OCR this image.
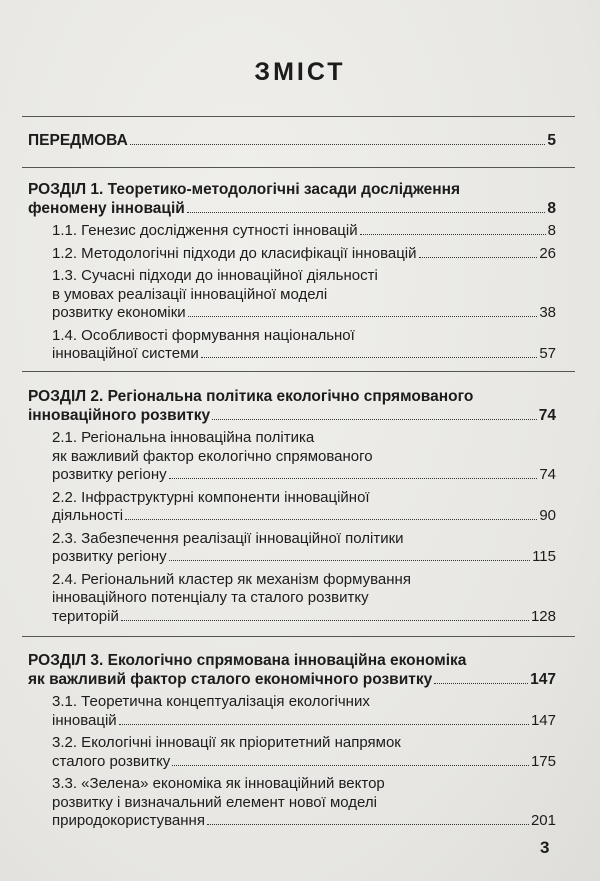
ЗМІСТ
ПЕРЕДМОВА	5
РОЗДІЛ 1. Теоретико-методологічні засади дослідження
феномену інновацій	8
1.1. Генезис дослідження сутності інновацій	8
1.2. Методологічні підходи до класифікації інновацій	26
1.3. Сучасні підходи до інноваційної діяльності
в умовах реалізації інноваційної моделі
розвитку економіки	38
1.4. Особливості формування національної
інноваційної системи	57
РОЗДІЛ 2. Регіональна політика екологічно спрямованого
інноваційного розвитку	74
2.1. Регіональна інноваційна політика
як важливий фактор екологічно спрямованого
розвитку регіону	74
2.2. Інфраструктурні компоненти інноваційної
діяльності	90
2.3. Забезпечення реалізації інноваційної політики
розвитку регіону	115
2.4. Регіональний кластер як механізм формування
інноваційного потенціалу та сталого розвитку
територій	128
РОЗДІЛ 3. Екологічно спрямована інноваційна економіка
як важливий фактор сталого економічного розвитку	147
3.1. Теоретична концептуалізація екологічних
інновацій	147
3.2. Екологічні інновації як пріоритетний напрямок
сталого розвитку	175
3.3. «Зелена» економіка як інноваційний вектор
розвитку і визначальний елемент нової моделі
природокористування	201
3
